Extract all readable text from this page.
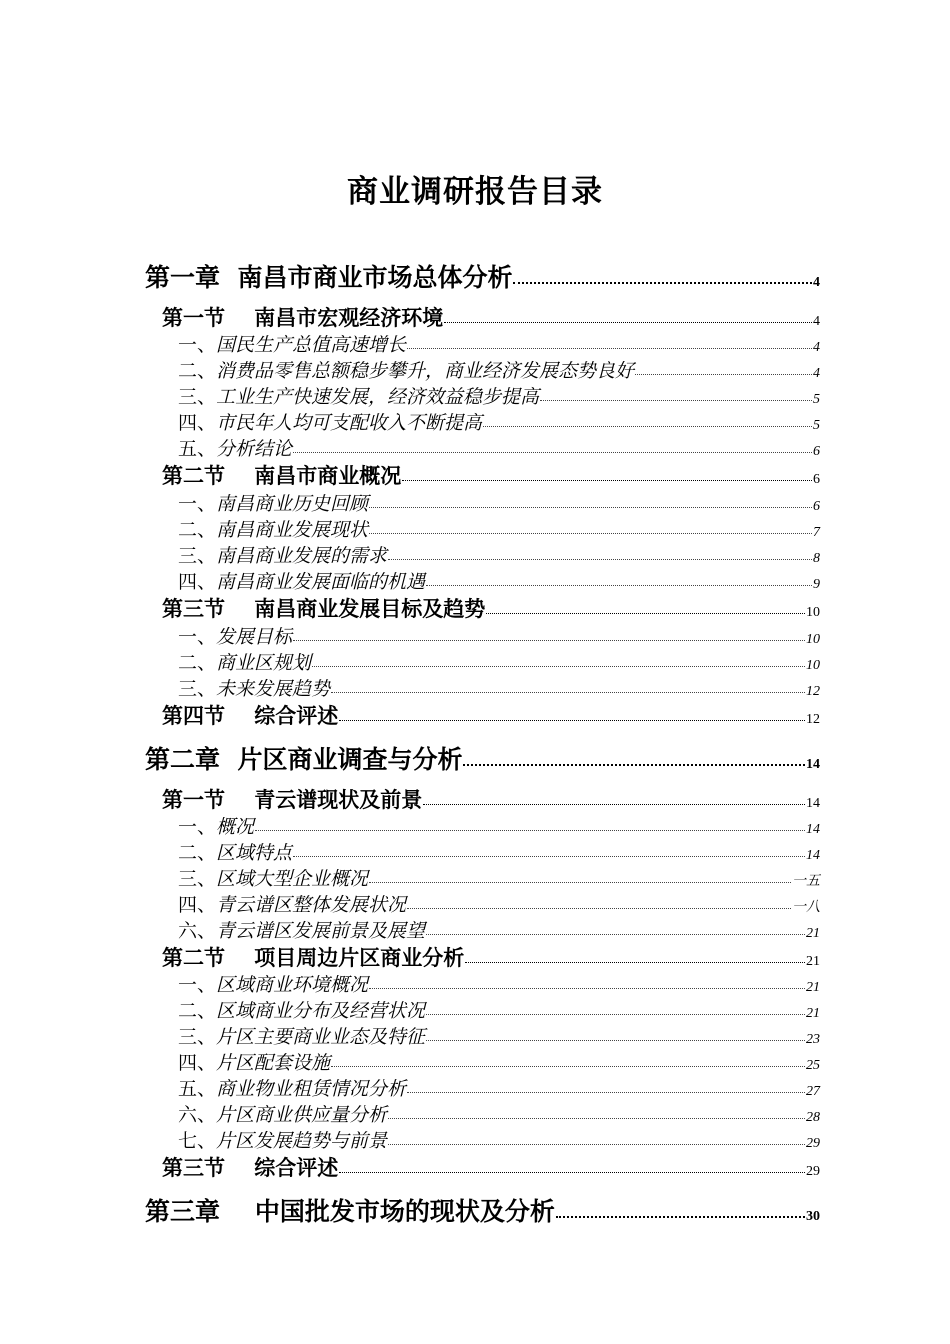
商业调研报告目录
第一章 南昌市商业市场总体分析	4
第一节 南昌市宏观经济环境	4
一、国民生产总值高速增长	4
二、消费品零售总额稳步攀升，商业经济发展态势良好	4
三、工业生产快速发展，经济效益稳步提高	5
四、市民年人均可支配收入不断提高	5
五、分析结论	6
第二节 南昌市商业概况	6
一、南昌商业历史回顾	6
二、南昌商业发展现状	7
三、南昌商业发展的需求	8
四、南昌商业发展面临的机遇	9
第三节 南昌商业发展目标及趋势	10
一、发展目标	10
二、商业区规划	10
三、未来发展趋势	12
第四节 综合评述	12
第二章 片区商业调查与分析	14
第一节 青云谱现状及前景	14
一、概况	14
二、区域特点	14
三、区域大型企业概况	一五
四、青云谱区整体发展状况	一八
六、青云谱区发展前景及展望	21
第二节 项目周边片区商业分析	21
一、区域商业环境概况	21
二、区域商业分布及经营状况	21
三、片区主要商业业态及特征	23
四、片区配套设施	25
五、商业物业租赁情况分析	27
六、片区商业供应量分析	28
七、片区发展趋势与前景	29
第三节 综合评述	29
第三章 中国批发市场的现状及分析	30
